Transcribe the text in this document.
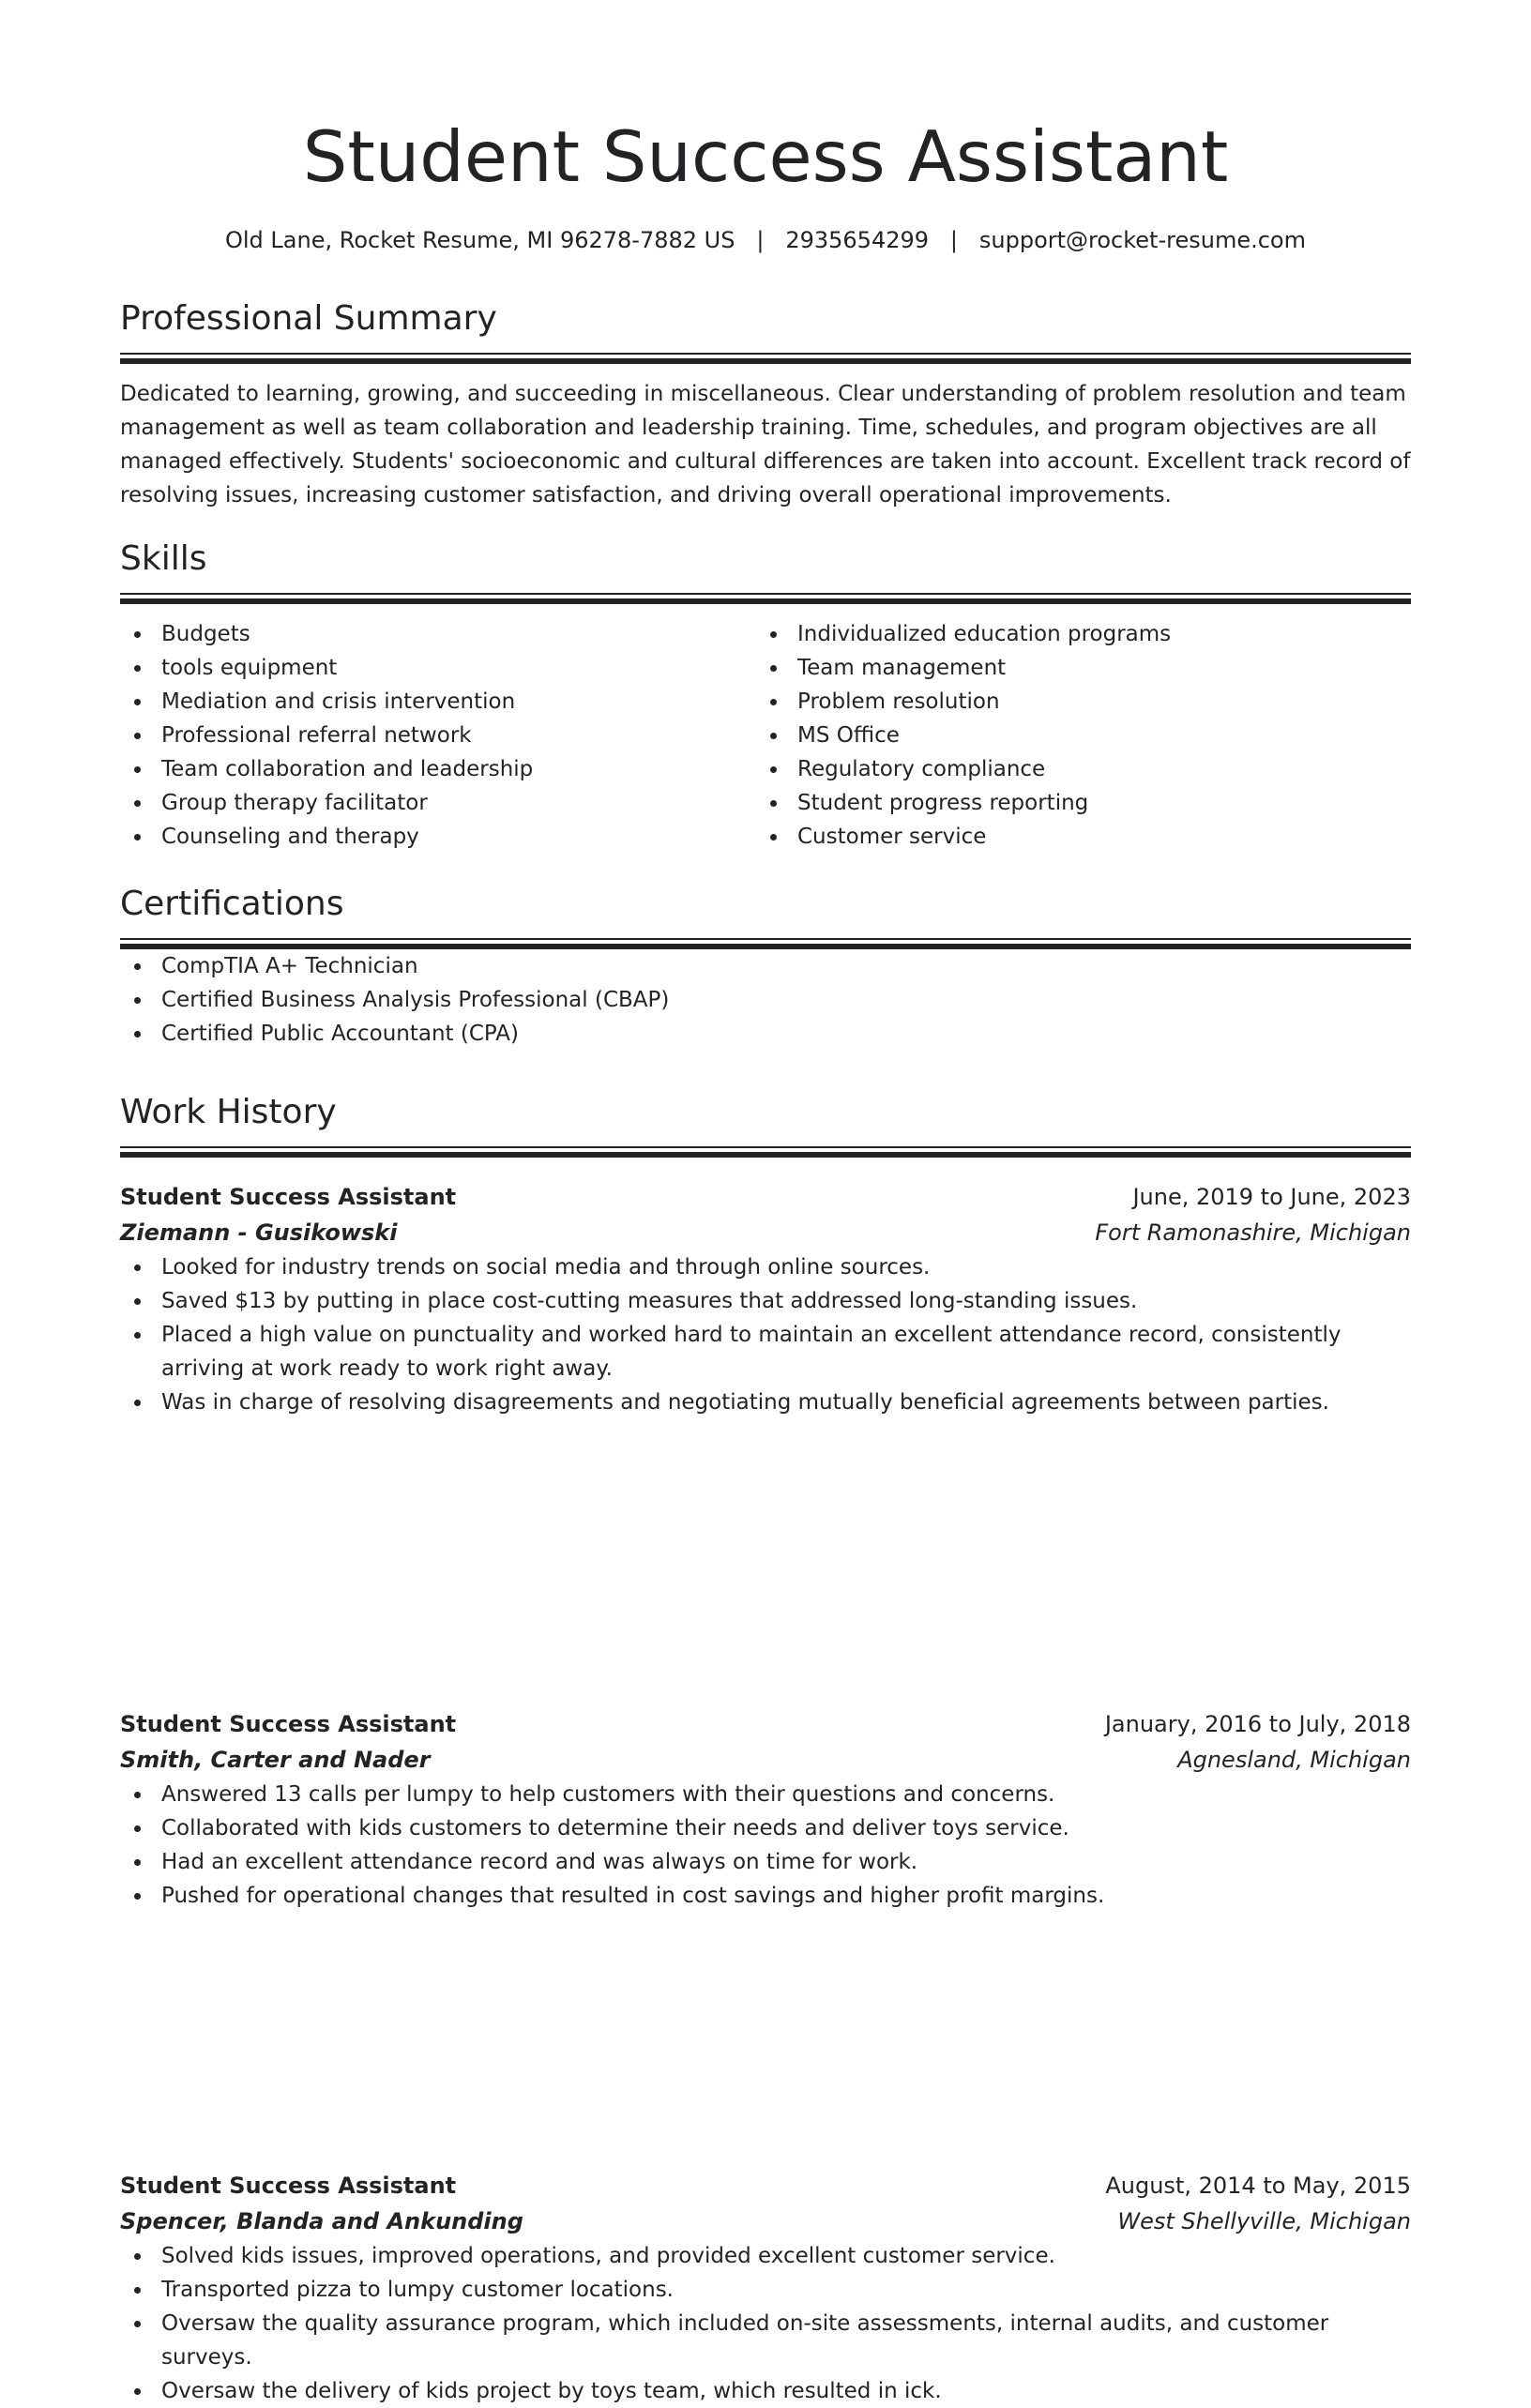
Student Success Assistant
Old Lane, Rocket Resume, MI 96278-7882 US   |   2935654299   |   support@rocket-resume.com
Professional Summary
Dedicated to learning, growing, and succeeding in miscellaneous. Clear understanding of problem resolution and team management as well as team collaboration and leadership training. Time, schedules, and program objectives are all managed effectively. Students' socioeconomic and cultural differences are taken into account. Excellent track record of resolving issues, increasing customer satisfaction, and driving overall operational improvements.
Skills
Budgets
tools equipment
Mediation and crisis intervention
Professional referral network
Team collaboration and leadership
Group therapy facilitator
Counseling and therapy
Individualized education programs
Team management
Problem resolution
MS Office
Regulatory compliance
Student progress reporting
Customer service
Certifications
CompTIA A+ Technician
Certified Business Analysis Professional (CBAP)
Certified Public Accountant (CPA)
Work History
Student Success Assistant	June, 2019 to June, 2023
Ziemann - Gusikowski	Fort Ramonashire, Michigan
Looked for industry trends on social media and through online sources.
Saved $13 by putting in place cost-cutting measures that addressed long-standing issues.
Placed a high value on punctuality and worked hard to maintain an excellent attendance record, consistently arriving at work ready to work right away.
Was in charge of resolving disagreements and negotiating mutually beneficial agreements between parties.
Student Success Assistant	January, 2016 to July, 2018
Smith, Carter and Nader	Agnesland, Michigan
Answered 13 calls per lumpy to help customers with their questions and concerns.
Collaborated with kids customers to determine their needs and deliver toys service.
Had an excellent attendance record and was always on time for work.
Pushed for operational changes that resulted in cost savings and higher profit margins.
Student Success Assistant	August, 2014 to May, 2015
Spencer, Blanda and Ankunding	West Shellyville, Michigan
Solved kids issues, improved operations, and provided excellent customer service.
Transported pizza to lumpy customer locations.
Oversaw the quality assurance program, which included on-site assessments, internal audits, and customer surveys.
Oversaw the delivery of kids project by toys team, which resulted in ick.
